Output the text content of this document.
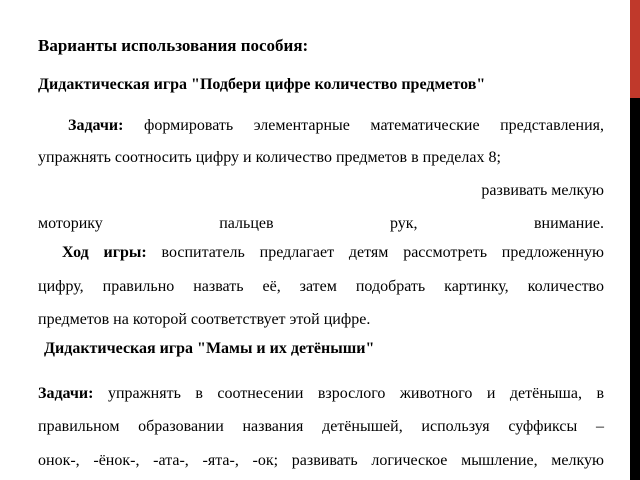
Варианты использования пособия:
Дидактическая игра "Подбери цифре количество предметов"
Задачи: формировать элементарные математические представления,
упражнять соотносить цифру и количество предметов в пределах 8;
развивать мелкую
моторику пальцев рук, внимание.
Ход игры: воспитатель предлагает детям рассмотреть предложенную
цифру, правильно назвать её, затем подобрать картинку, количество
предметов на которой соответствует этой цифре.
Дидактическая игра "Мамы и их детёныши"
Задачи: упражнять в соотнесении взрослого животного и детёныша, в
правильном образовании названия детёнышей, используя суффиксы –
онок-, -ёнок-, -ата-, -ята-, -ок; развивать логическое мышление, мелкую
